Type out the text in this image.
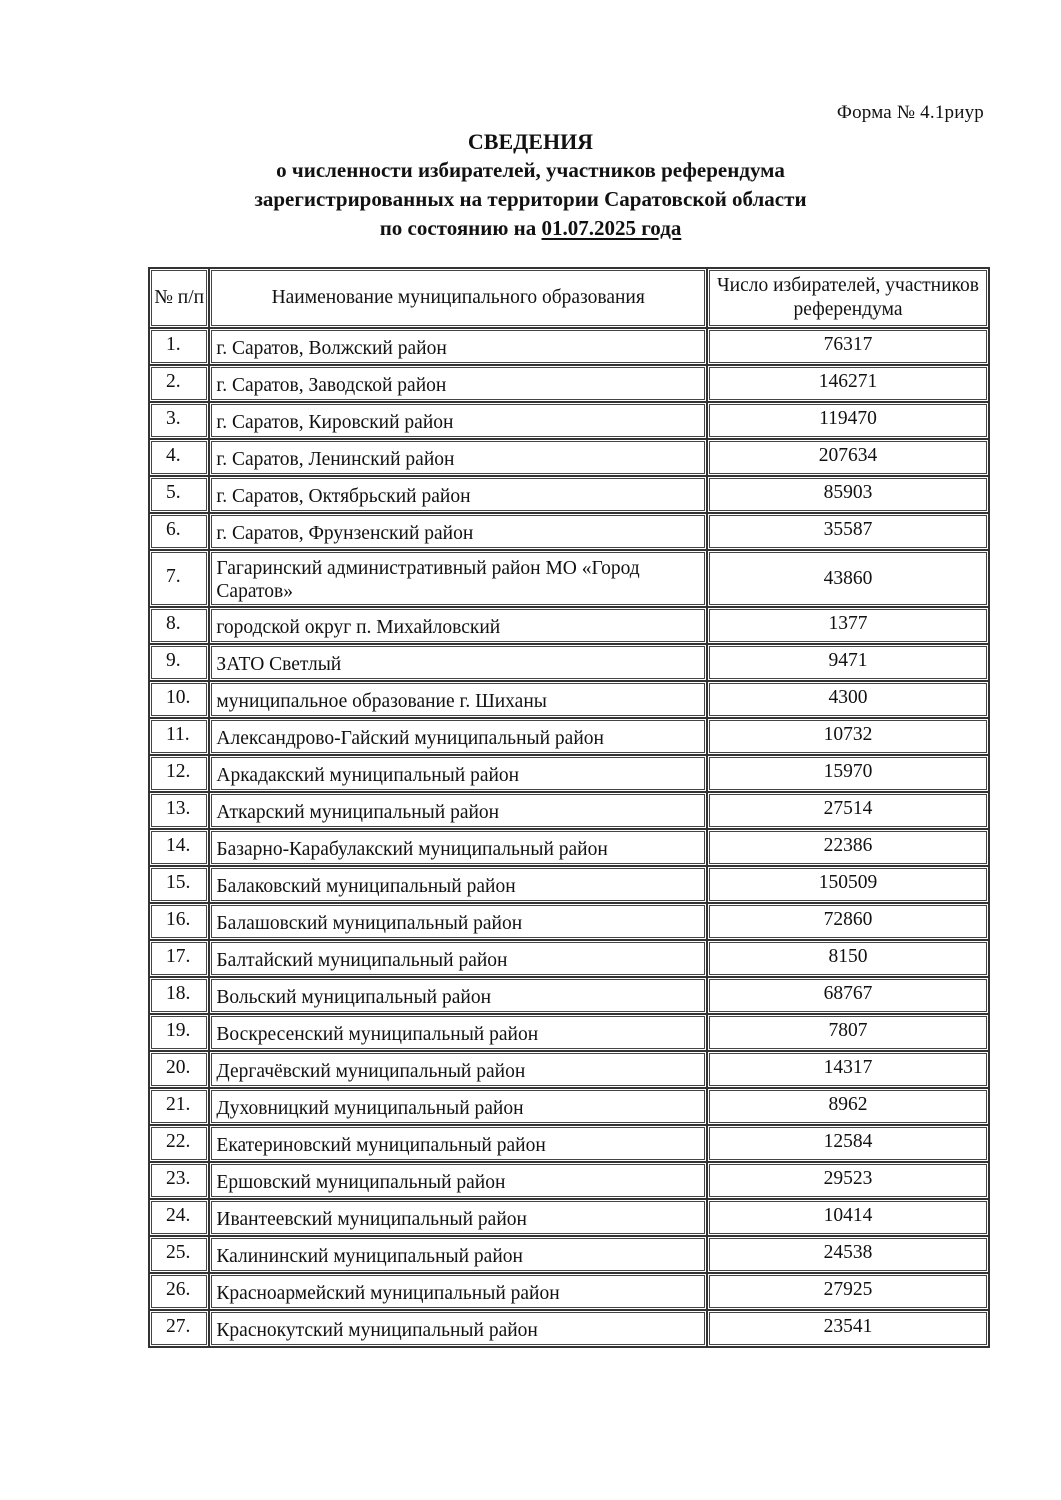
Форма № 4.1риур
СВЕДЕНИЯ
о численности избирателей, участников референдума
зарегистрированных на территории Саратовской области
по состоянию на 01.07.2025 года
№ п/п	Наименование муниципального образования	Число избирателей, участников референдума
1.	г. Саратов, Волжский район	76317
2.	г. Саратов, Заводской район	146271
3.	г. Саратов, Кировский район	119470
4.	г. Саратов, Ленинский район	207634
5.	г. Саратов, Октябрьский район	85903
6.	г. Саратов, Фрунзенский район	35587
7.	Гагаринский административный район МО «Город Саратов»	43860
8.	городской округ п. Михайловский	1377
9.	ЗАТО Светлый	9471
10.	муниципальное образование г. Шиханы	4300
11.	Александрово-Гайский муниципальный район	10732
12.	Аркадакский муниципальный район	15970
13.	Аткарский муниципальный район	27514
14.	Базарно-Карабулакский муниципальный район	22386
15.	Балаковский муниципальный район	150509
16.	Балашовский муниципальный район	72860
17.	Балтайский муниципальный район	8150
18.	Вольский муниципальный район	68767
19.	Воскресенский муниципальный район	7807
20.	Дергачёвский муниципальный район	14317
21.	Духовницкий муниципальный район	8962
22.	Екатериновский муниципальный район	12584
23.	Ершовский муниципальный район	29523
24.	Ивантеевский муниципальный район	10414
25.	Калининский муниципальный район	24538
26.	Красноармейский муниципальный район	27925
27.	Краснокутский муниципальный район	23541
